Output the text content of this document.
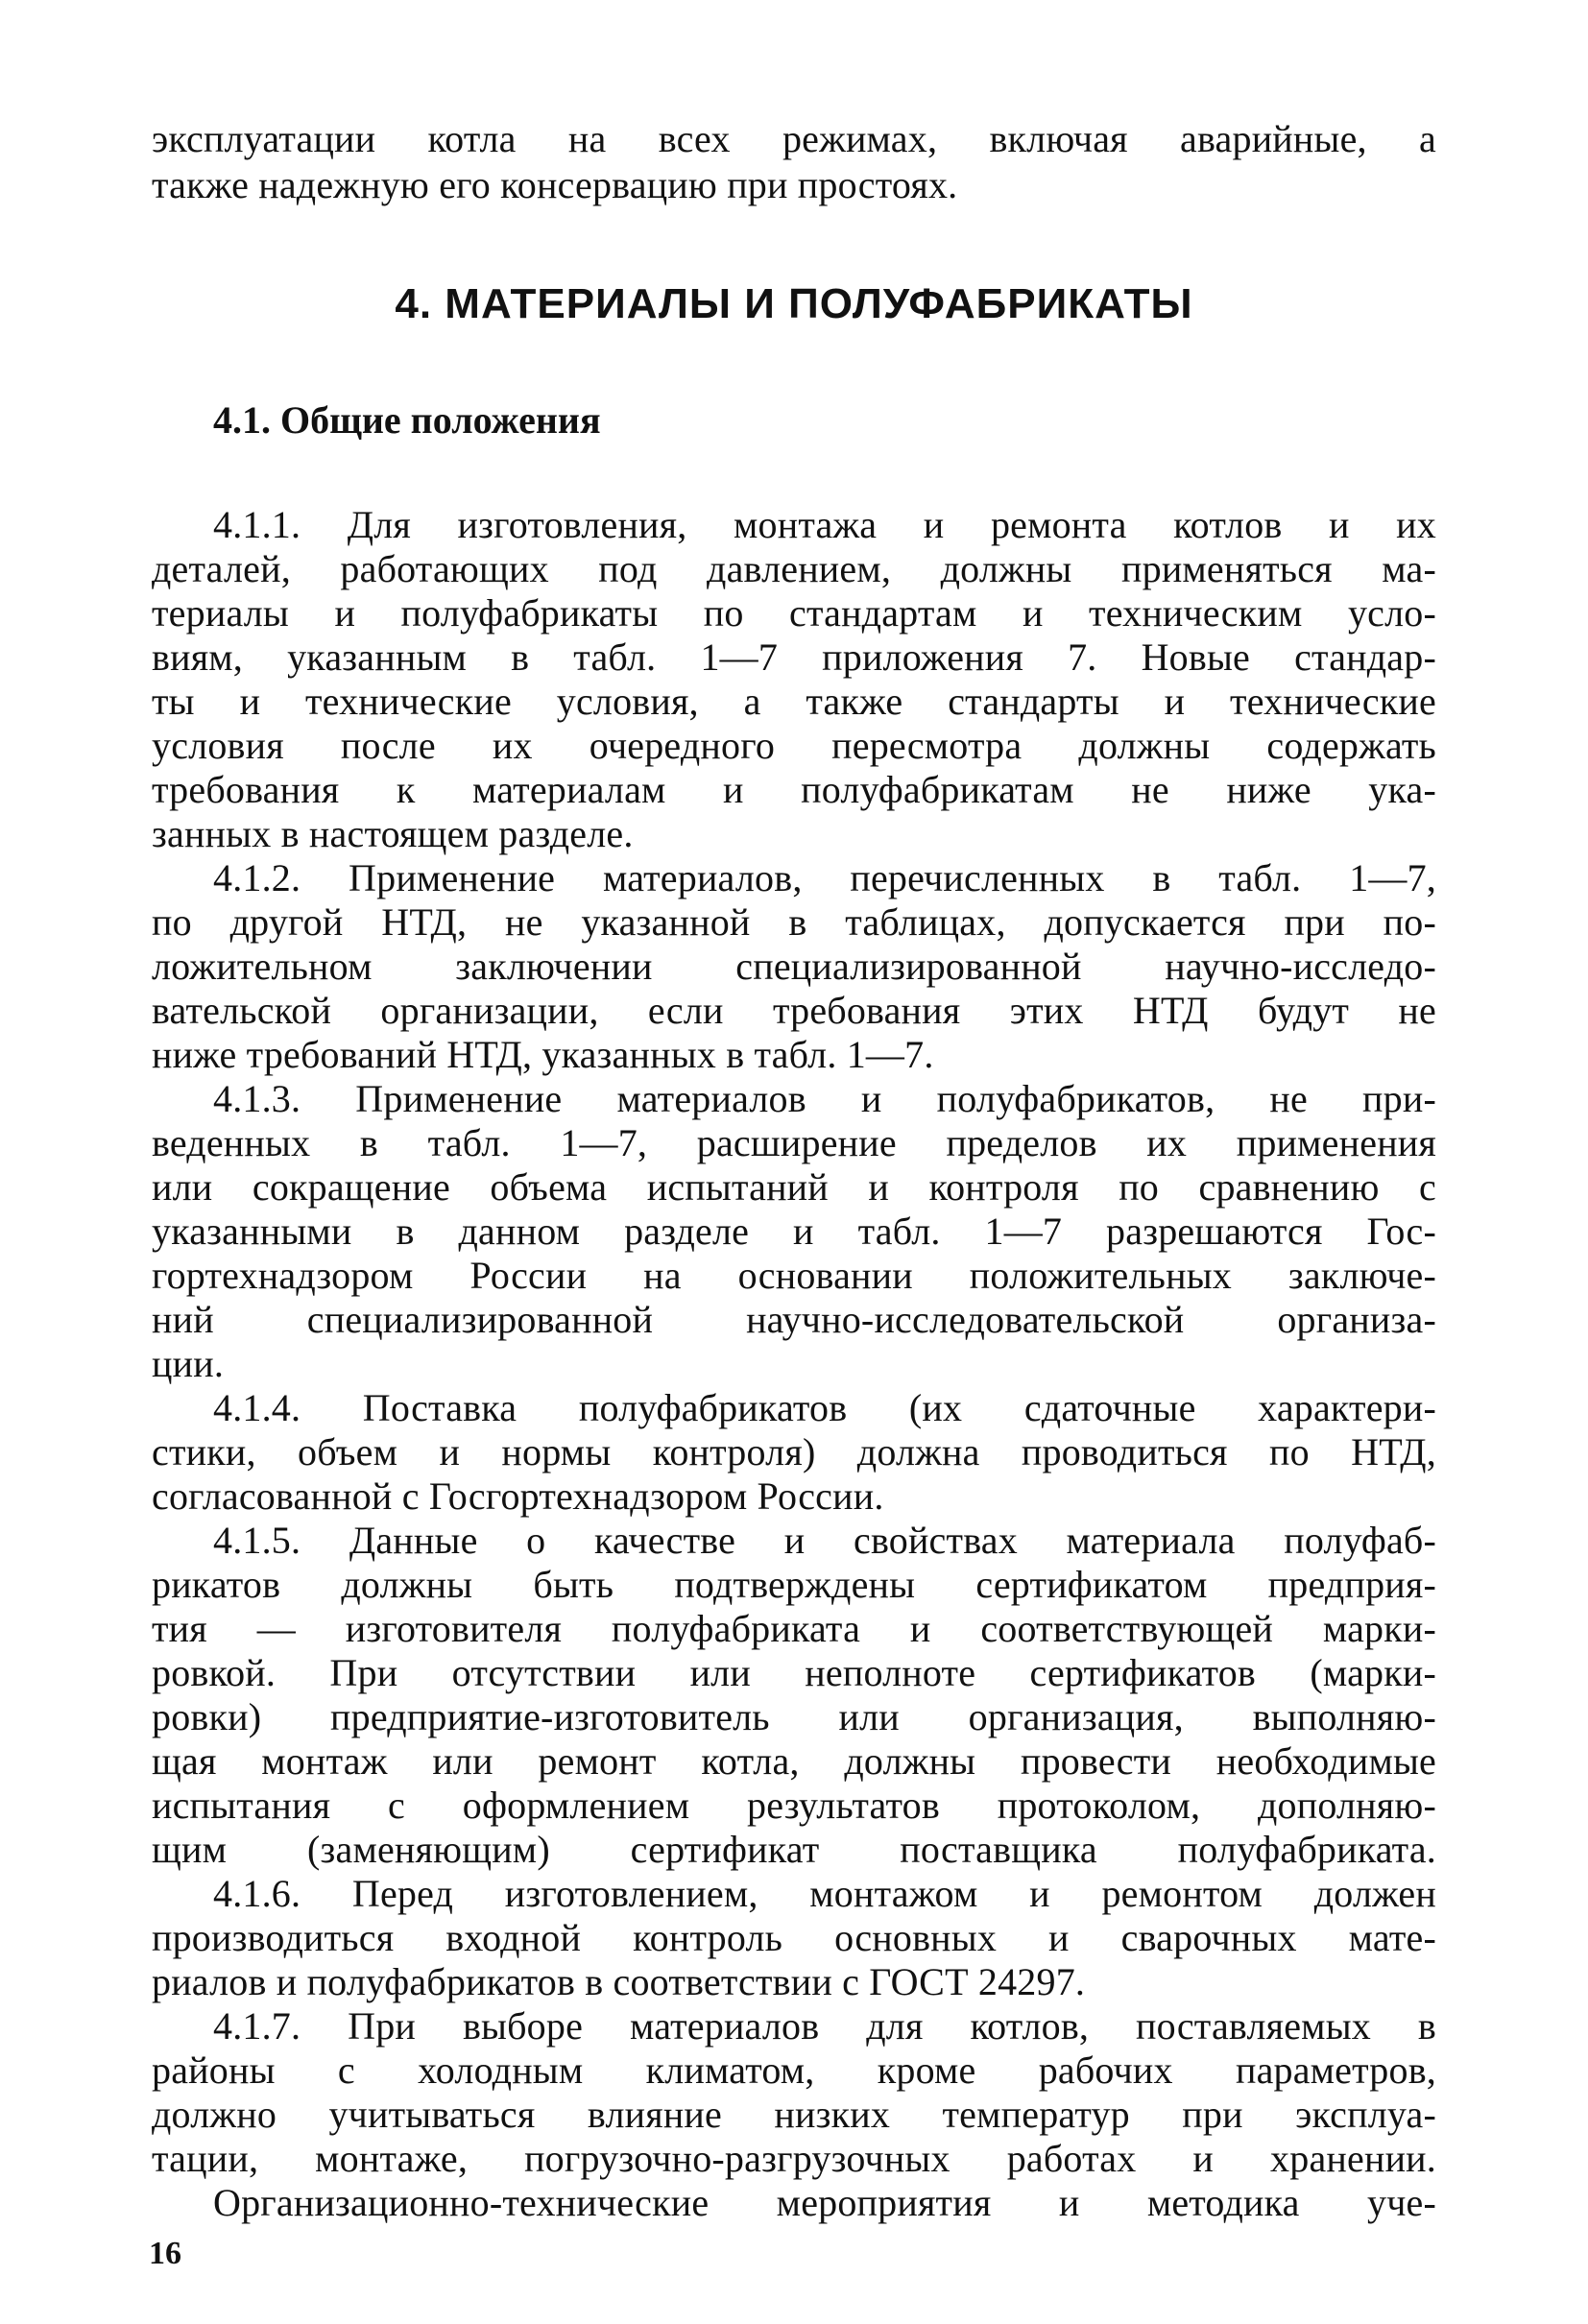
эксплуатации котла на всех режимах, включая аварийные, а
также надежную его консервацию при простоях.
4. МАТЕРИАЛЫ И ПОЛУФАБРИКАТЫ
4.1. Общие положения
4.1.1. Для изготовления, монтажа и ремонта котлов и их
деталей, работающих под давлением, должны применяться ма-
териалы и полуфабрикаты по стандартам и техническим усло-
виям, указанным в табл. 1—7 приложения 7. Новые стандар-
ты и технические условия, а также стандарты и технические
условия после их очередного пересмотра должны содержать
требования к материалам и полуфабрикатам не ниже ука-
занных в настоящем разделе.
4.1.2. Применение материалов, перечисленных в табл. 1—7,
по другой НТД, не указанной в таблицах, допускается при по-
ложительном заключении специализированной научно-исследо-
вательской организации, если требования этих НТД будут не
ниже требований НТД, указанных в табл. 1—7.
4.1.3. Применение материалов и полуфабрикатов, не при-
веденных в табл. 1—7, расширение пределов их применения
или сокращение объема испытаний и контроля по сравнению с
указанными в данном разделе и табл. 1—7 разрешаются Гос-
гортехнадзором России на основании положительных заключе-
ний специализированной научно-исследовательской организа-
ции.
4.1.4. Поставка полуфабрикатов (их сдаточные характери-
стики, объем и нормы контроля) должна проводиться по НТД,
согласованной с Госгортехнадзором России.
4.1.5. Данные о качестве и свойствах материала полуфаб-
рикатов должны быть подтверждены сертификатом предприя-
тия — изготовителя полуфабриката и соответствующей марки-
ровкой. При отсутствии или неполноте сертификатов (марки-
ровки) предприятие-изготовитель или организация, выполняю-
щая монтаж или ремонт котла, должны провести необходимые
испытания с оформлением результатов протоколом, дополняю-
щим (заменяющим) сертификат поставщика полуфабриката.
4.1.6. Перед изготовлением, монтажом и ремонтом должен
производиться входной контроль основных и сварочных мате-
риалов и полуфабрикатов в соответствии с ГОСТ 24297.
4.1.7. При выборе материалов для котлов, поставляемых в
районы с холодным климатом, кроме рабочих параметров,
должно учитываться влияние низких температур при эксплуа-
тации, монтаже, погрузочно-разгрузочных работах и хранении.
Организационно-технические мероприятия и методика уче-
16
